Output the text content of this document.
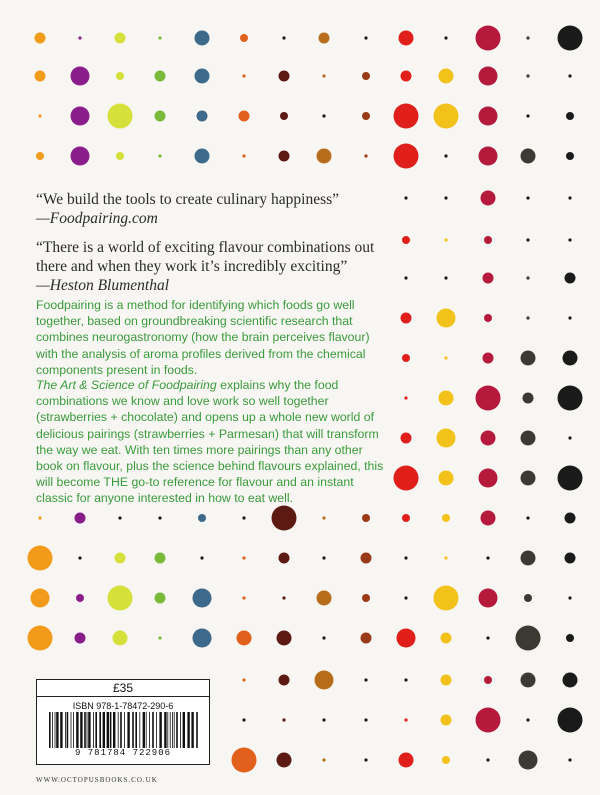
“We build the tools to create culinary happiness”
—Foodpairing.com
“There is a world of exciting flavour combinations out there and when they work it’s incredibly exciting”
—Heston Blumenthal
Foodpairing is a method for identifying which foods go well together, based on groundbreaking scientific research that combines neurogastronomy (how the brain perceives flavour) with the analysis of aroma profiles derived from the chemical components present in foods.
The Art & Science of Foodpairing explains why the food combinations we know and love work so well together (strawberries + chocolate) and opens up a whole new world of delicious pairings (strawberries + Parmesan) that will transform the way we eat. With ten times more pairings than any other book on flavour, plus the science behind flavours explained, this will become THE go-to reference for flavour and an instant classic for anyone interested in how to eat well.
£35
ISBN 978-1-78472-290-6
9 781784 722906
WWW.OCTOPUSBOOKS.CO.UK
